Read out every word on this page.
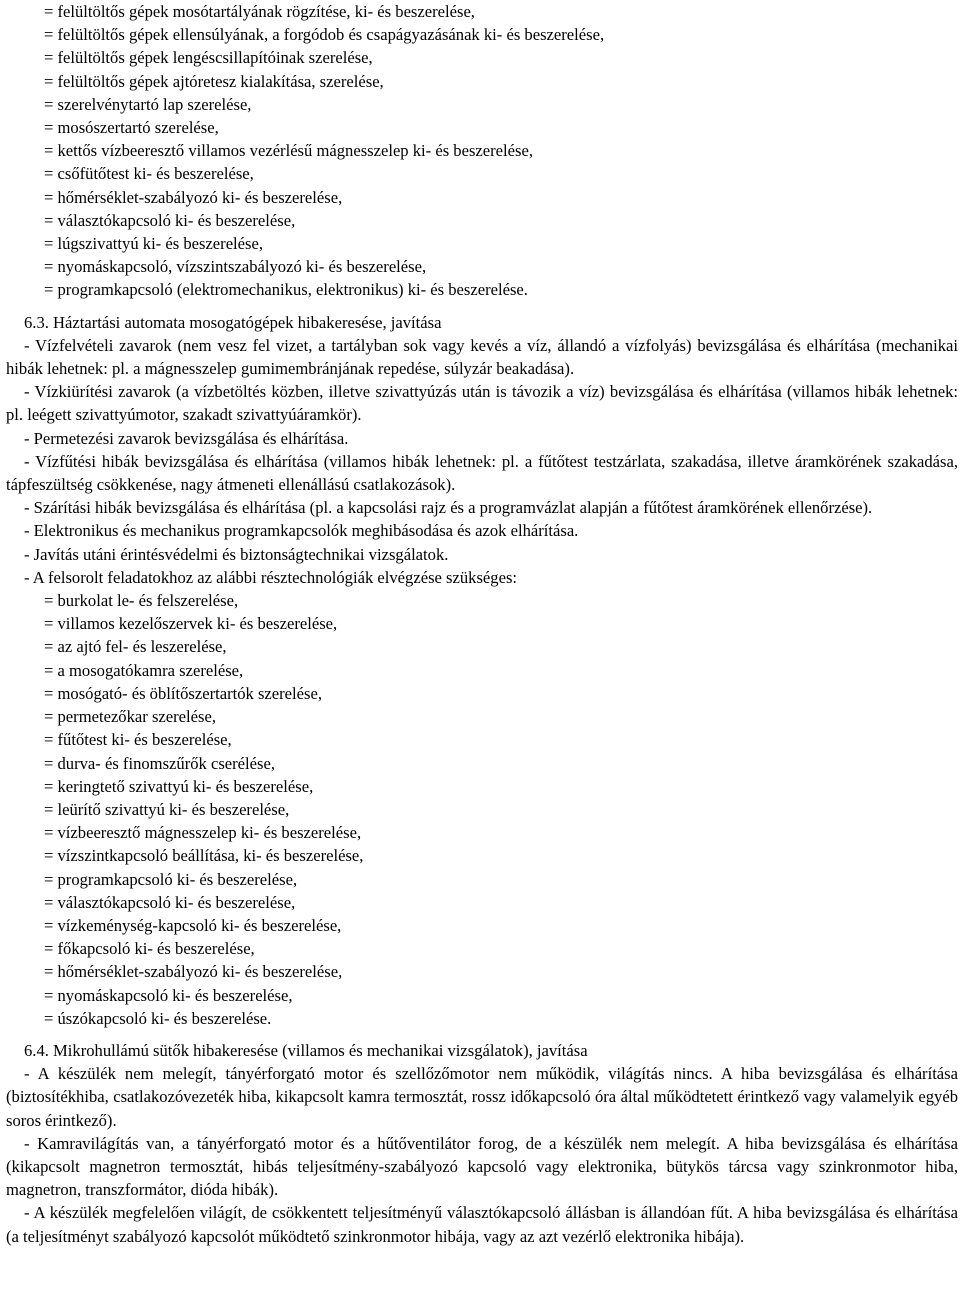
= felültöltős gépek mosótartályának rögzítése, ki- és beszerelése,
= felültöltős gépek ellensúlyának, a forgódob és csapágyazásának ki- és beszerelése,
= felültöltős gépek lengéscsillapítóinak szerelése,
= felültöltős gépek ajtóretesz kialakítása, szerelése,
= szerelvénytartó lap szerelése,
= mosószertartó szerelése,
= kettős vízbeeresztő villamos vezérlésű mágnesszelep ki- és beszerelése,
= csőfütőtest ki- és beszerelése,
= hőmérséklet-szabályozó ki- és beszerelése,
= választókapcsoló ki- és beszerelése,
= lúgszivattyú ki- és beszerelése,
= nyomáskapcsoló, vízszintszabályozó ki- és beszerelése,
= programkapcsoló (elektromechanikus, elektronikus) ki- és beszerelése.
6.3. Háztartási automata mosogatógépek hibakeresése, javítása

- Vízfelvételi zavarok (nem vesz fel vizet, a tartályban sok vagy kevés a víz, állandó a vízfolyás) bevizsgálása és elhárítása (mechanikai hibák lehetnek: pl. a mágnesszelep gumimembránjának repedése, súlyzár beakadása).

- Vízkiürítési zavarok (a vízbetöltés közben, illetve szivattyúzás után is távozik a víz) bevizsgálása és elhárítása (villamos hibák lehetnek: pl. leégett szivattyúmotor, szakadt szivattyúáramkör).

- Permetezési zavarok bevizsgálása és elhárítása.

- Vízfűtési hibák bevizsgálása és elhárítása (villamos hibák lehetnek: pl. a fűtőtest testzárlata, szakadása, illetve áramkörének szakadása, tápfeszültség csökkenése, nagy átmeneti ellenállású csatlakozások).

- Szárítási hibák bevizsgálása és elhárítása (pl. a kapcsolási rajz és a programvázlat alapján a fűtőtest áramkörének ellenőrzése).

- Elektronikus és mechanikus programkapcsolók meghibásodása és azok elhárítása.

- Javítás utáni érintésvédelmi és biztonságtechnikai vizsgálatok.

- A felsorolt feladatokhoz az alábbi résztechnológiák elvégzése szükséges:

= burkolat le- és felszerelése,
= villamos kezelőszervek ki- és beszerelése,
= az ajtó fel- és leszerelése,
= a mosogatókamra szerelése,
= mosógató- és öblítőszertartók szerelése,
= permetezőkar szerelése,
= fűtőtest ki- és beszerelése,
= durva- és finomszűrők cserélése,
= keringtető szivattyú ki- és beszerelése,
= leürítő szivattyú ki- és beszerelése,
= vízbeeresztő mágnesszelep ki- és beszerelése,
= vízszintkapcsoló beállítása, ki- és beszerelése,
= programkapcsoló ki- és beszerelése,
= választókapcsoló ki- és beszerelése,
= vízkeménység-kapcsoló ki- és beszerelése,
= főkapcsoló ki- és beszerelése,
= hőmérséklet-szabályozó ki- és beszerelése,
= nyomáskapcsoló ki- és beszerelése,
= úszókapcsoló ki- és beszerelése.
6.4. Mikrohullámú sütők hibakeresése (villamos és mechanikai vizsgálatok), javítása

- A készülék nem melegít, tányérforgató motor és szellőzőmotor nem működik, világítás nincs. A hiba bevizsgálása és elhárítása (biztosítékhiba, csatlakozóvezeték hiba, kikapcsolt kamra termosztát, rossz időkapcsoló óra által működtetett érintkező vagy valamelyik egyéb soros érintkező).

- Kamravilágítás van, a tányérforgató motor és a hűtőventilátor forog, de a készülék nem melegít. A hiba bevizsgálása és elhárítása (kikapcsolt magnetron termosztát, hibás teljesítmény-szabályozó kapcsoló vagy elektronika, bütykös tárcsa vagy szinkronmotor hiba, magnetron, transzformátor, dióda hibák).

- A készülék megfelelően világít, de csökkentett teljesítményű választókapcsoló állásban is állandóan fűt. A hiba bevizsgálása és elhárítása (a teljesítményt szabályozó kapcsolót működtető szinkronmotor hibája, vagy az azt vezérlő elektronika hibája).
